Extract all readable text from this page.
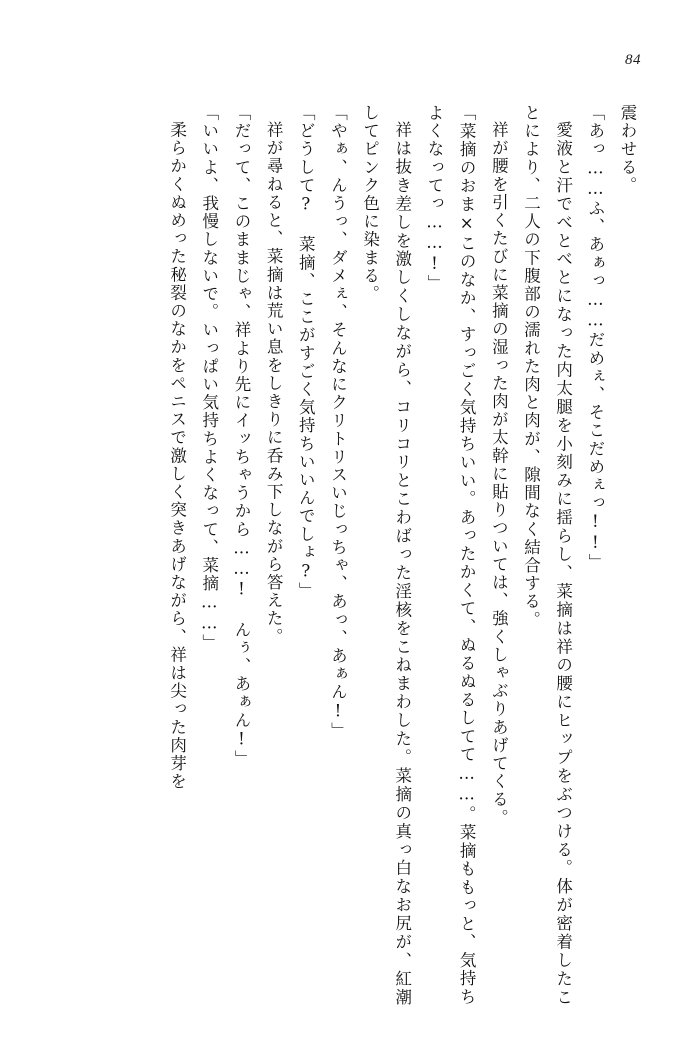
84

震わせる。

「あっ……ふ、あぁっ……だめぇ、そこだめぇっ!!」

愛液と汗でべとべとになった内太腿を小刻みに揺らし、菜摘は祥の腰にヒップをぶつける。体が密着したことにより、二人の下腹部の濡れた肉と肉が、隙間なく結合する。

祥が腰を引くたびに菜摘の湿った肉が太幹に貼りついては、強くしゃぶりあげてくる。

「菜摘のおま×このなか、すっごく気持ちいい。あったかくて、ぬるぬるしてて……。菜摘ももっと、気持ちよくなってっ……!」

祥は抜き差しを激しくしながら、コリコリとこわばった淫核をこねまわした。菜摘の真っ白なお尻が、紅潮してピンク色に染まる。

「やぁ、んうっ、ダメぇ、そんなにクリトリスいじっちゃ、あっ、あぁん!」

「どうして? 菜摘、ここがすごく気持ちいいんでしょ?」

祥が尋ねると、菜摘は荒い息をしきりに呑み下しながら答えた。

「だって、このままじゃ、祥より先にイッちゃうから……! んぅ、あぁん!」

「いいよ、我慢しないで。いっぱい気持ちよくなって、菜摘……」

柔らかくぬめった秘裂のなかをペニスで激しく突きあげながら、祥は尖った肉芽を
